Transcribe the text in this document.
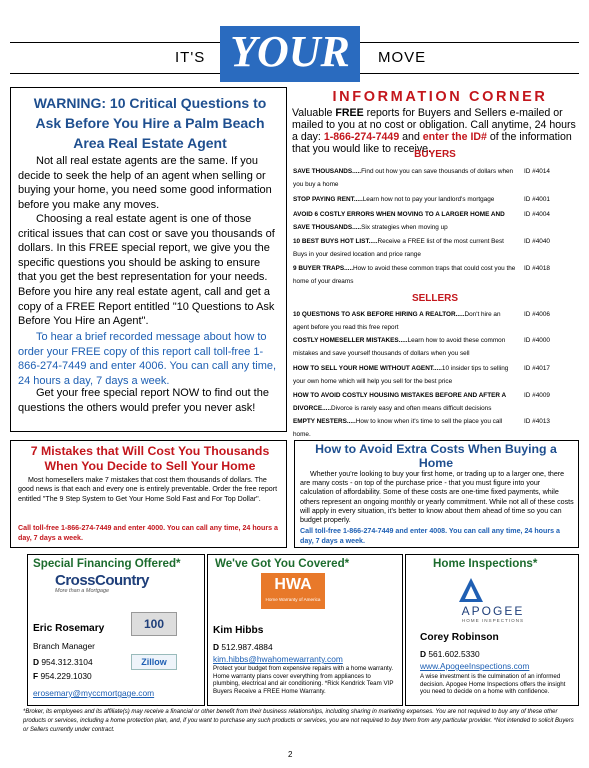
IT'S YOUR	MOVE
WARNING: 10 Critical Questions to Ask Before You Hire a Palm Beach Area Real Estate Agent
Not all real estate agents are the same. If you decide to seek the help of an agent when selling or buying your home, you need some good information before you make any moves.
Choosing a real estate agent is one of those critical issues that can cost or save you thousands of dollars. In this FREE special report, we give you the specific questions you should be asking to ensure that you get the best representation for your needs. Before you hire any real estate agent, call and get a copy of a FREE Report entitled "10 Questions to Ask Before You Hire an Agent".
To hear a brief recorded message about how to order your FREE copy of this report call toll-free 1-866-274-7449 and enter 4006. You can call any time, 24 hours a day, 7 days a week.
Get your free special report NOW to find out the questions the others would prefer you never ask!
INFORMATION CORNER
Valuable FREE reports for Buyers and Sellers e-mailed or mailed to you at no cost or obligation. Call anytime, 24 hours a day: 1-866-274-7449 and enter the ID# of the information that you would like to receive.
BUYERS
SAVE THOUSANDS.....Find out how you can save thousands of dollars when you buy a home
ID #4014
STOP PAYING RENT.....Learn how not to pay your landlord's mortgage	ID #4001
AVOID 6 COSTLY ERRORS WHEN MOVING TO A LARGER HOME AND SAVE THOUSANDS.....Six strategies when moving up
ID #4004
10 BEST BUYS HOT LIST.....Receive a FREE list of the most current Best Buys in your desired location and price range
ID #4040
9 BUYER TRAPS.....How to avoid these common traps that could cost you the home of your dreams
ID #4018
SELLERS
10 QUESTIONS TO ASK BEFORE HIRING A REALTOR.....Don't hire an agent before you read this free report
ID #4006
COSTLY HOMESELLER MISTAKES.....Learn how to avoid these common mistakes and save yourself thousands of dollars when you sell
ID #4000
HOW TO SELL YOUR HOME WITHOUT AGENT.....10 insider tips to selling your own home which will help you sell for the best price
ID #4017
HOW TO AVOID COSTLY HOUSING MISTAKES BEFORE AND AFTER A DIVORCE.....Divorce is rarely easy and often means difficult decisions
ID #4009
EMPTY NESTERS.....How to know when it's time to sell the place you call home.
ID #4013
7 Mistakes that Will Cost You Thousands When You Decide to Sell Your Home
Most homesellers make 7 mistakes that cost them thousands of dollars. The good news is that each and every one is entirely preventable. Order the free report entitled "The 9 Step System to Get Your Home Sold Fast and For Top Dollar".
Call toll-free 1-866-274-7449 and enter 4000. You can call any time, 24 hours a day, 7 days a week.
How to Avoid Extra Costs When Buying a Home
Whether you're looking to buy your first home, or trading up to a larger one, there are many costs - on top of the purchase price - that you must figure into your calculation of affordability. Some of these costs are one-time fixed payments, while others represent an ongoing monthly or yearly commitment. While not all of these costs will apply in every situation, it's better to know about them ahead of time so you can budget properly.
Call toll-free 1-866-274-7449 and enter 4008. You can call any time, 24 hours a day, 7 days a week.
Special Financing Offered*
CrossCountry
More than a Mortgage
100
Zillow
Eric Rosemary
Branch Manager
D 954.312.3104
F 954.229.1030
erosemary@myccmortgage.com
We've Got You Covered*
HWA
Home Warranty of America
Kim Hibbs
D 512.987.4884
kim.hibbs@hwahomewarranty.com
Protect your budget from expensive repairs with a home warranty. Home warranty plans cover everything from appliances to plumbing, electrical and air conditioning. *Rick Kendrick Team VIP Buyers Receive a FREE Home Warranty.
Home Inspections*
APOGEE
HOME INSPECTIONS
Corey Robinson
D 561.602.5330
www.ApogeeInspections.com
A wise investment is the culmination of an informed decision. Apogee Home Inspections offers the insight you need to decide on a home with confidence.
*Broker, its employees and its affiliate(s) may receive a financial or other benefit from their business relationships, including sharing in marketing expenses. You are not required to buy any of these other products or services, including a home protection plan, and, if you want to purchase any such products or services, you are not required to buy them from any particular provider. *Not intended to solicit Buyers or Sellers currently under contract.
2
